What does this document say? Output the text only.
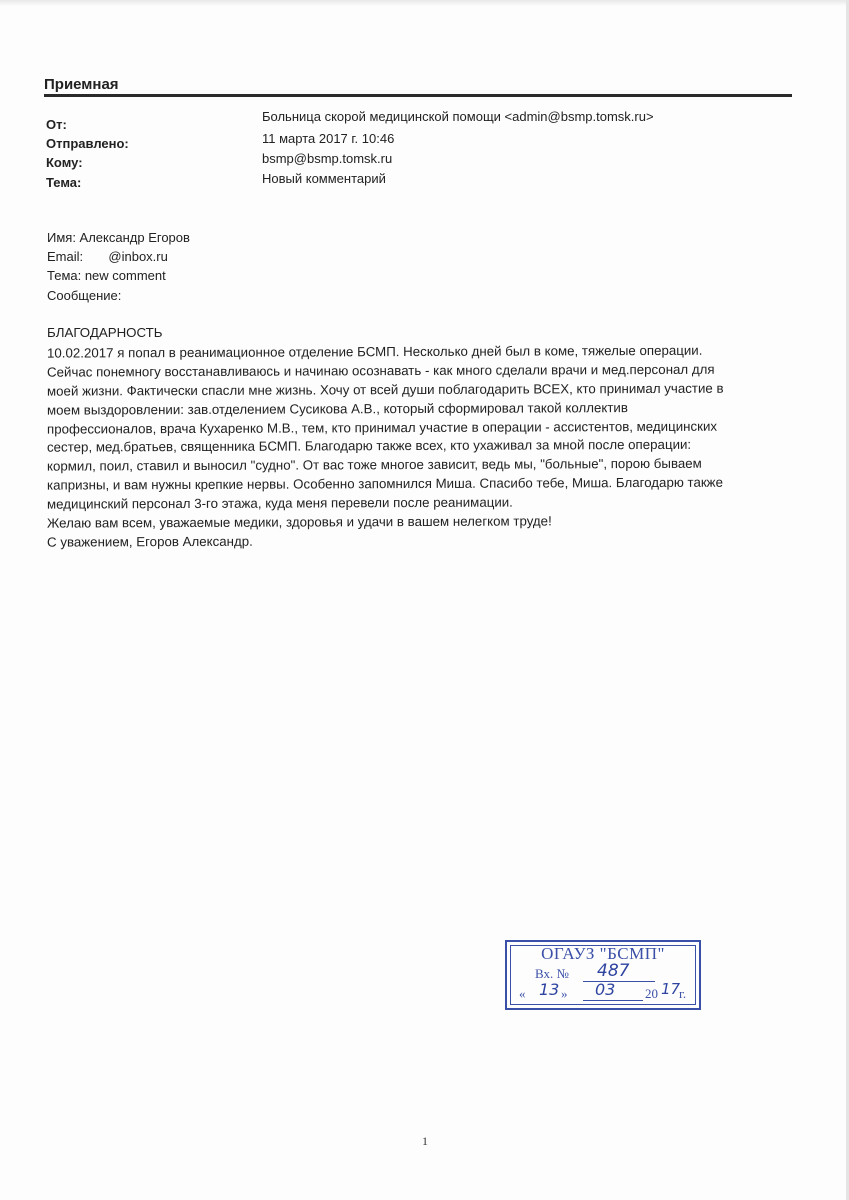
Приемная
От:
Больница скорой медицинской помощи <admin@bsmp.tomsk.ru>
Отправлено:	11 марта 2017 г. 10:46
Кому:	bsmp@bsmp.tomsk.ru
Тема:	Новый комментарий
Имя: Александр Егоров
Email:       @inbox.ru
Тема: new comment
Сообщение:
БЛАГОДАРНОСТЬ
10.02.2017 я попал в реанимационное отделение БСМП. Несколько дней был в коме, тяжелые операции.
Сейчас понемногу восстанавливаюсь и начинаю осознавать - как много сделали врачи и мед.персонал для
моей жизни. Фактически спасли мне жизнь. Хочу от всей души поблагодарить ВСЕХ, кто принимал участие в
моем выздоровлении: зав.отделением Сусикова А.В., который сформировал такой коллектив
профессионалов, врача Кухаренко М.В., тем, кто принимал участие в операции - ассистентов, медицинских
сестер, мед.братьев, священника БСМП. Благодарю также всех, кто ухаживал за мной после операции:
кормил, поил, ставил и выносил "судно". От вас тоже многое зависит, ведь мы, "больные", порою бываем
капризны, и вам нужны крепкие нервы. Особенно запомнился Миша. Спасибо тебе, Миша. Благодарю также
медицинский персонал 3-го этажа, куда меня перевели после реанимации.
Желаю вам всем, уважаемые медики, здоровья и удачи в вашем нелегком труде!
С уважением, Егоров Александр.
ОГАУЗ "БСМП"
Вх. № 487
« 13 » 03 20 17
г.
1
